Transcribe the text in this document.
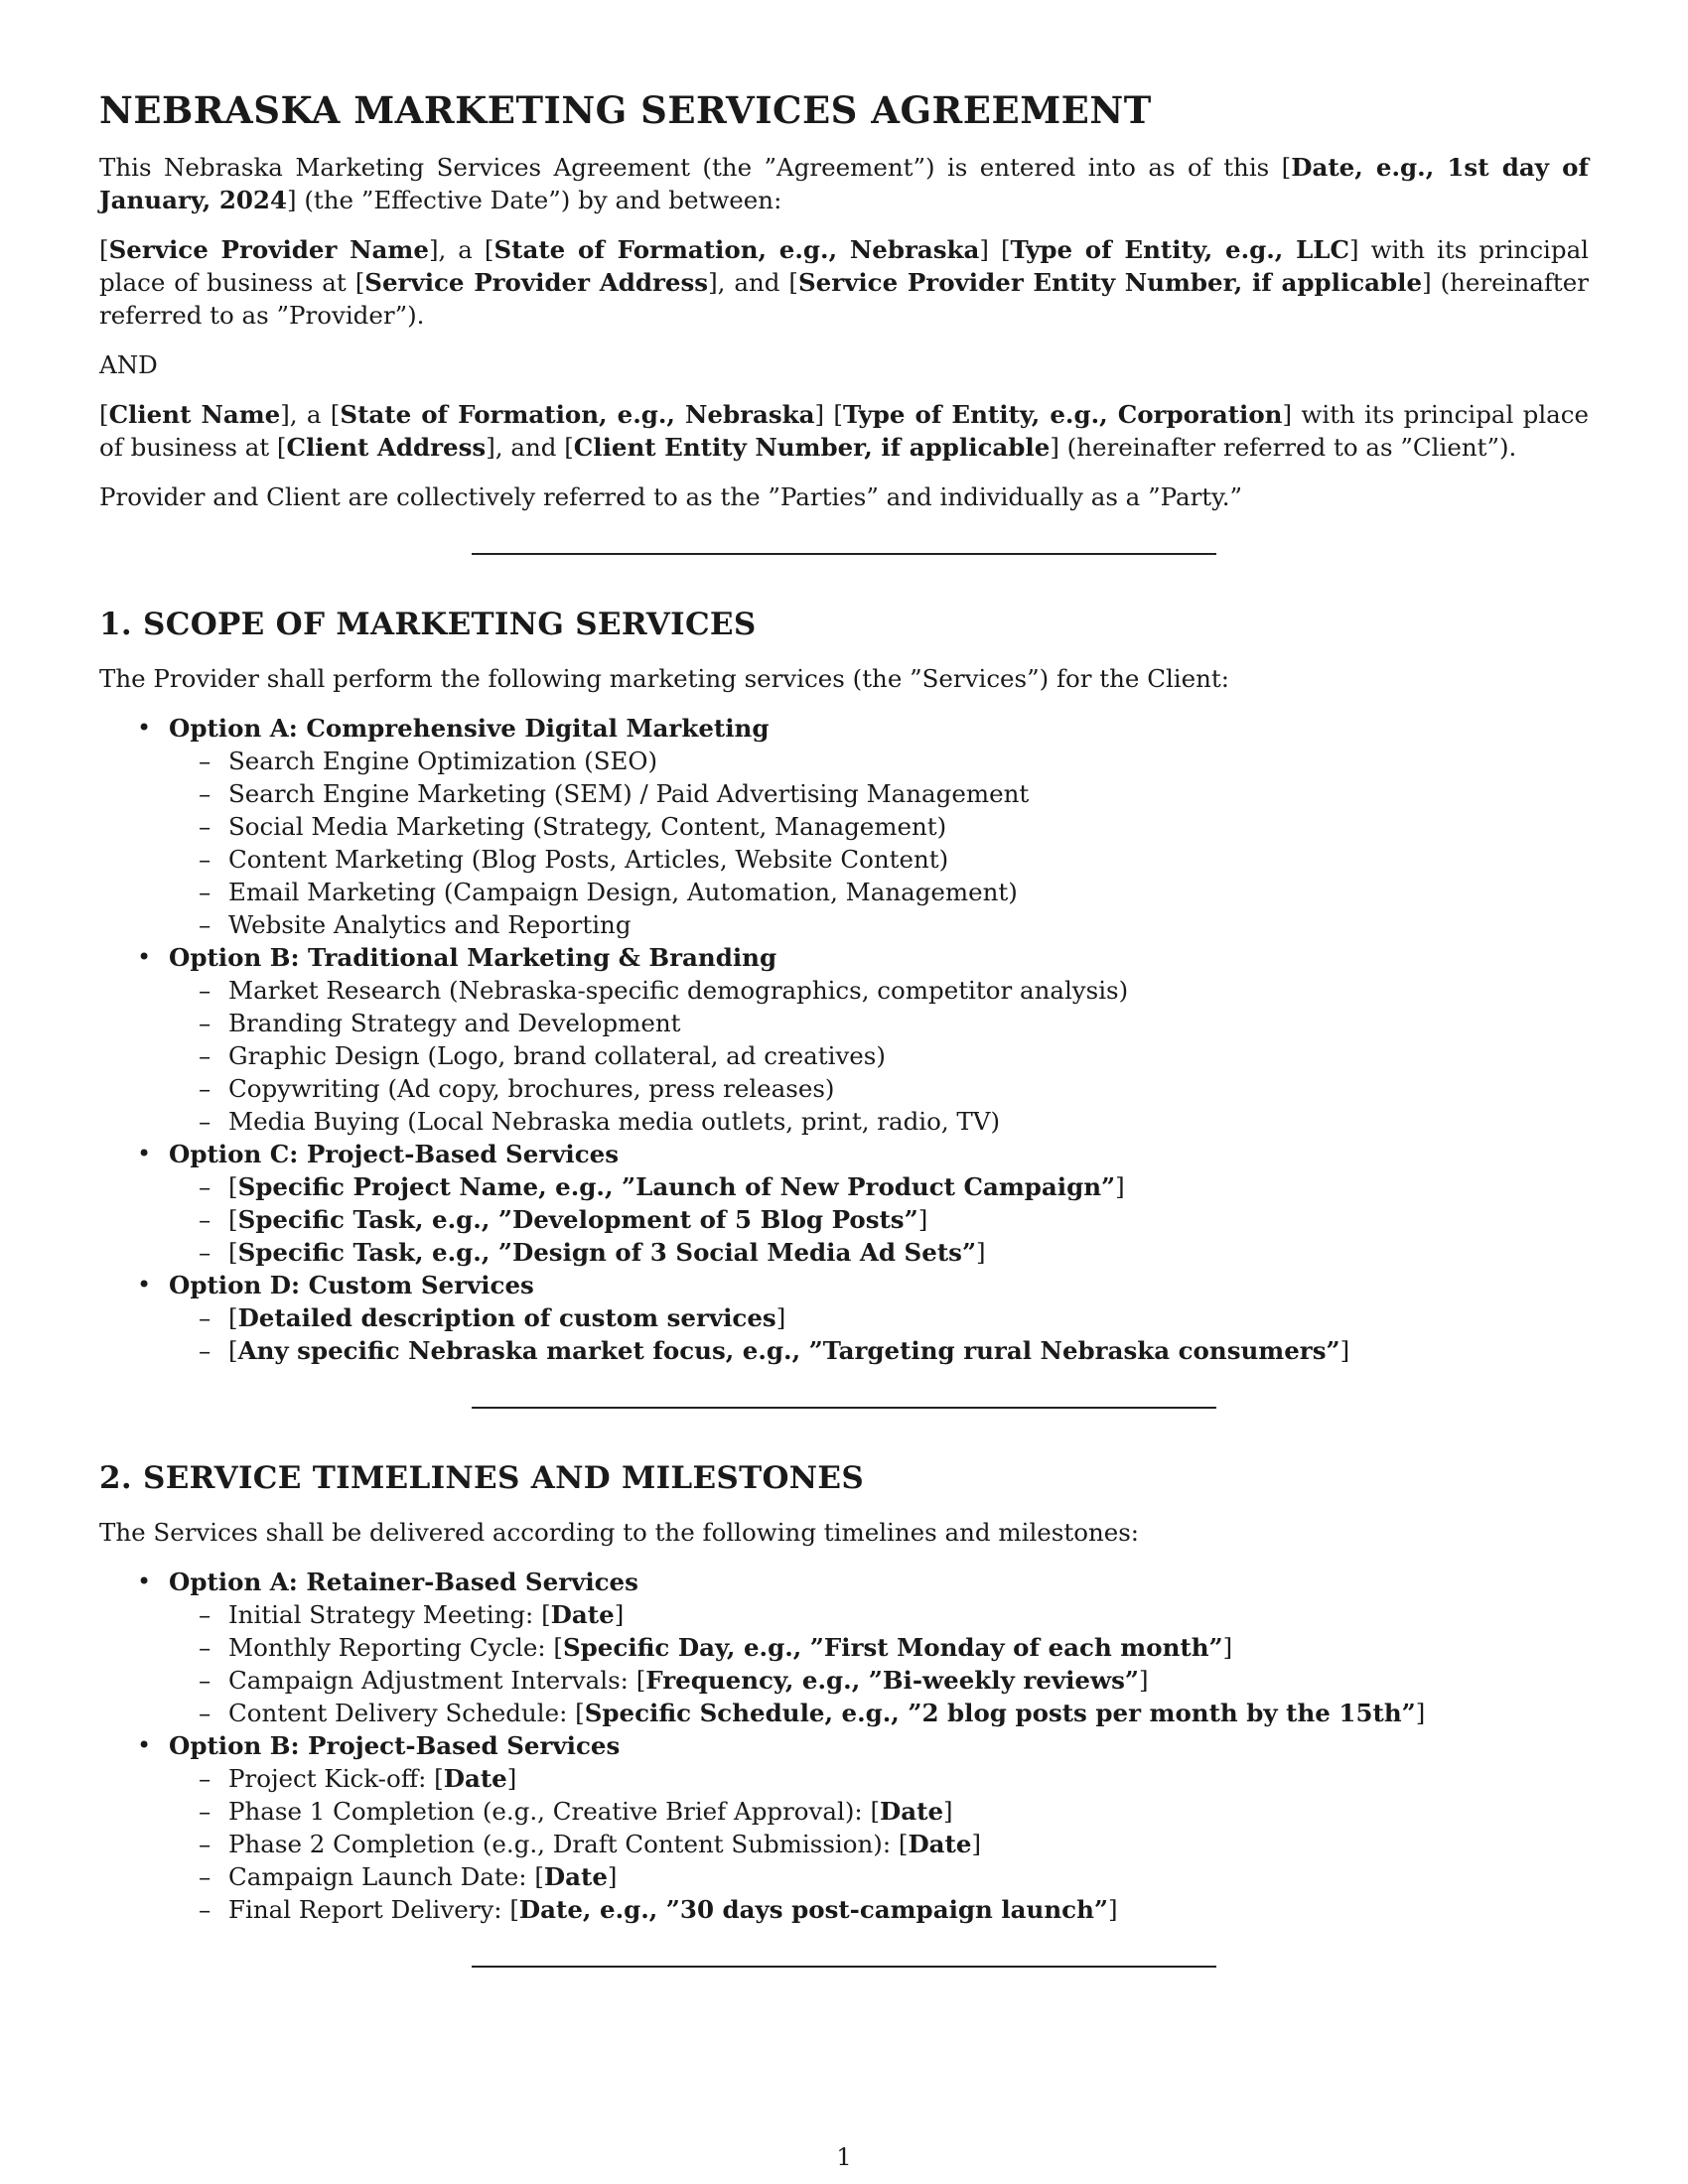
NEBRASKA MARKETING SERVICES AGREEMENT

This Nebraska Marketing Services Agreement (the ”Agreement”) is entered into as of this [Date, e.g., 1st day of January, 2024] (the ”Effective Date”) by and between:

[Service Provider Name], a [State of Formation, e.g., Nebraska] [Type of Entity, e.g., LLC] with its principal place of business at [Service Provider Address], and [Service Provider Entity Number, if applicable] (hereinafter referred to as ”Provider”).

AND

[Client Name], a [State of Formation, e.g., Nebraska] [Type of Entity, e.g., Corporation] with its principal place of business at [Client Address], and [Client Entity Number, if applicable] (hereinafter referred to as ”Client”).

Provider and Client are collectively referred to as the ”Parties” and individually as a ”Party.”

1. SCOPE OF MARKETING SERVICES

The Provider shall perform the following marketing services (the ”Services”) for the Client:

• Option A: Comprehensive Digital Marketing
– Search Engine Optimization (SEO)
– Search Engine Marketing (SEM) / Paid Advertising Management
– Social Media Marketing (Strategy, Content, Management)
– Content Marketing (Blog Posts, Articles, Website Content)
– Email Marketing (Campaign Design, Automation, Management)
– Website Analytics and Reporting
• Option B: Traditional Marketing & Branding
– Market Research (Nebraska-specific demographics, competitor analysis)
– Branding Strategy and Development
– Graphic Design (Logo, brand collateral, ad creatives)
– Copywriting (Ad copy, brochures, press releases)
– Media Buying (Local Nebraska media outlets, print, radio, TV)
• Option C: Project-Based Services
– [Specific Project Name, e.g., ”Launch of New Product Campaign”]
– [Specific Task, e.g., ”Development of 5 Blog Posts”]
– [Specific Task, e.g., ”Design of 3 Social Media Ad Sets”]
• Option D: Custom Services
– [Detailed description of custom services]
– [Any specific Nebraska market focus, e.g., ”Targeting rural Nebraska consumers”]
2. SERVICE TIMELINES AND MILESTONES

The Services shall be delivered according to the following timelines and milestones:

• Option A: Retainer-Based Services
– Initial Strategy Meeting: [Date]
– Monthly Reporting Cycle: [Specific Day, e.g., ”First Monday of each month”]
– Campaign Adjustment Intervals: [Frequency, e.g., ”Bi-weekly reviews”]
– Content Delivery Schedule: [Specific Schedule, e.g., ”2 blog posts per month by the 15th”]
• Option B: Project-Based Services
– Project Kick-off: [Date]
– Phase 1 Completion (e.g., Creative Brief Approval): [Date]
– Phase 2 Completion (e.g., Draft Content Submission): [Date]
– Campaign Launch Date: [Date]
– Final Report Delivery: [Date, e.g., ”30 days post-campaign launch”]
1
